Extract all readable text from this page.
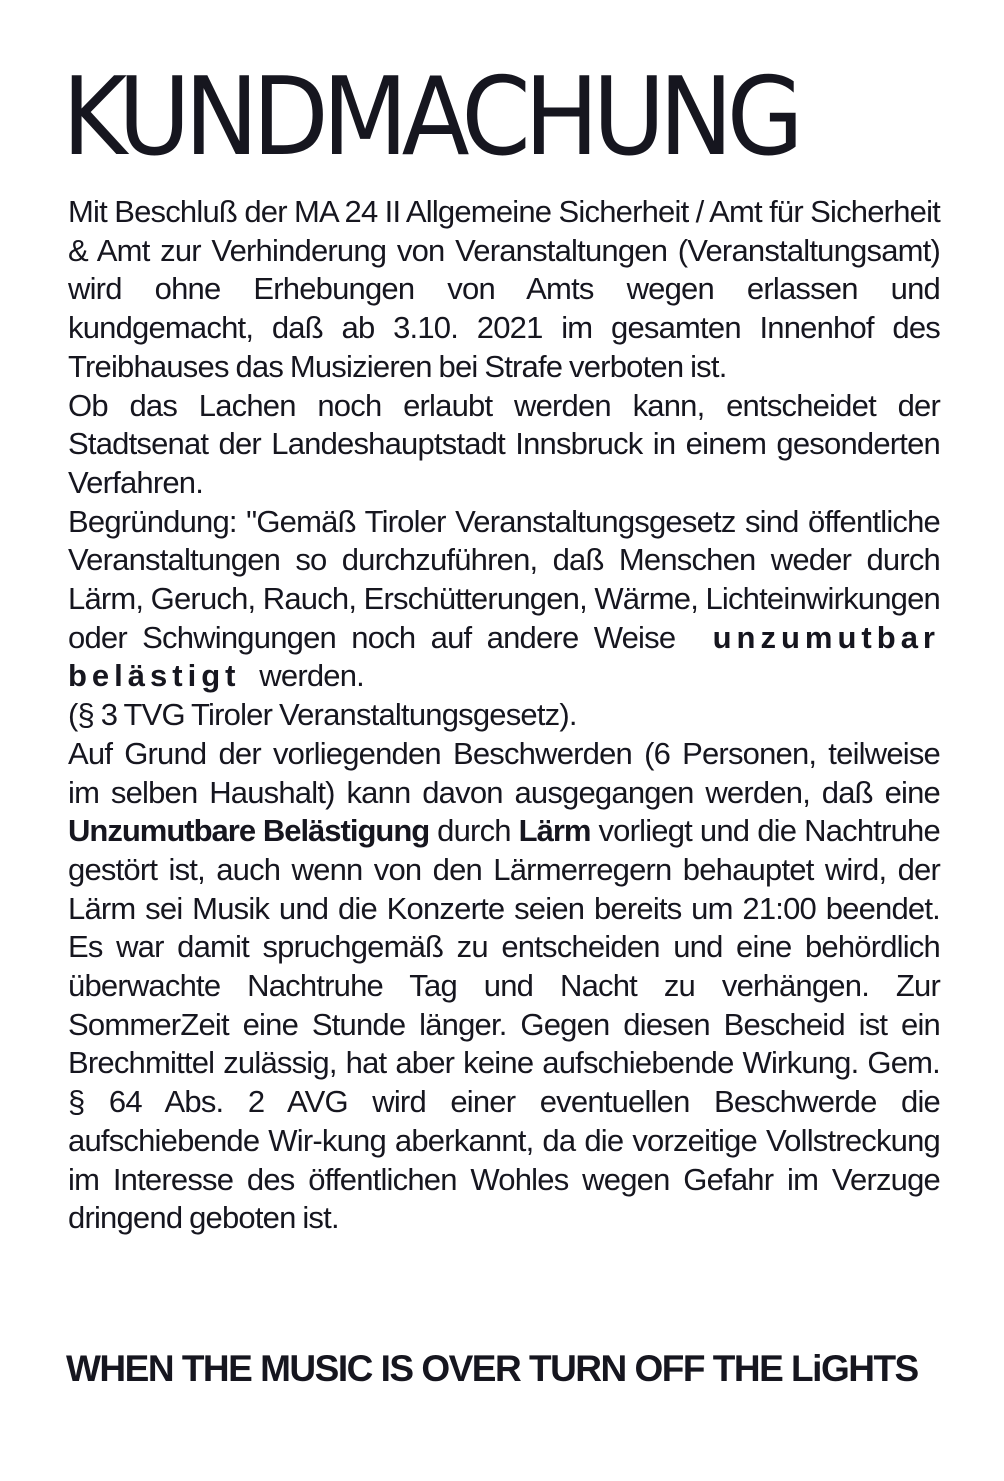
KUNDMACHUNG

Mit Beschluß der MA 24 II Allgemeine Sicherheit / Amt für Sicherheit & Amt zur Verhinderung von Veranstaltungen (Veranstaltungsamt) wird ohne Erhebungen von Amts wegen erlassen und kundgemacht, daß ab 3.10. 2021 im gesamten Innenhof des Treibhauses das Musizieren bei Strafe verboten ist.

Ob das Lachen noch erlaubt werden kann, entscheidet der Stadtsenat der Landeshauptstadt Innsbruck in einem gesonderten Verfahren.

Begründung: "Gemäß Tiroler Veranstaltungsgesetz sind öffentliche Veranstaltungen so durchzuführen, daß Menschen weder durch Lärm, Geruch, Rauch, Erschütterungen, Wärme, Lichteinwirkungen oder Schwingungen noch auf andere Weise unzumutbar belästigt werden.

(§ 3 TVG Tiroler Veranstaltungsgesetz).

Auf Grund der vorliegenden Beschwerden (6 Personen, teilweise im selben Haushalt) kann davon ausgegangen werden, daß eine Unzumutbare Belästigung durch Lärm vorliegt und die Nachtruhe gestört ist, auch wenn von den Lärmerregern behauptet wird, der Lärm sei Musik und die Konzerte seien bereits um 21:00 beendet. Es war damit spruchgemäß zu entscheiden und eine behördlich überwachte Nachtruhe Tag und Nacht zu verhängen. Zur SommerZeit eine Stunde länger. Gegen diesen Bescheid ist ein Brechmittel zulässig, hat aber keine aufschiebende Wirkung. Gem. § 64 Abs. 2 AVG wird einer eventuellen Beschwerde die aufschiebende Wir-kung aberkannt, da die vorzeitige Vollstreckung im Interesse des öffentlichen Wohles wegen Gefahr im Verzuge dringend geboten ist.

WHEN THE MUSIC IS OVER TURN OFF THE LiGHTS
